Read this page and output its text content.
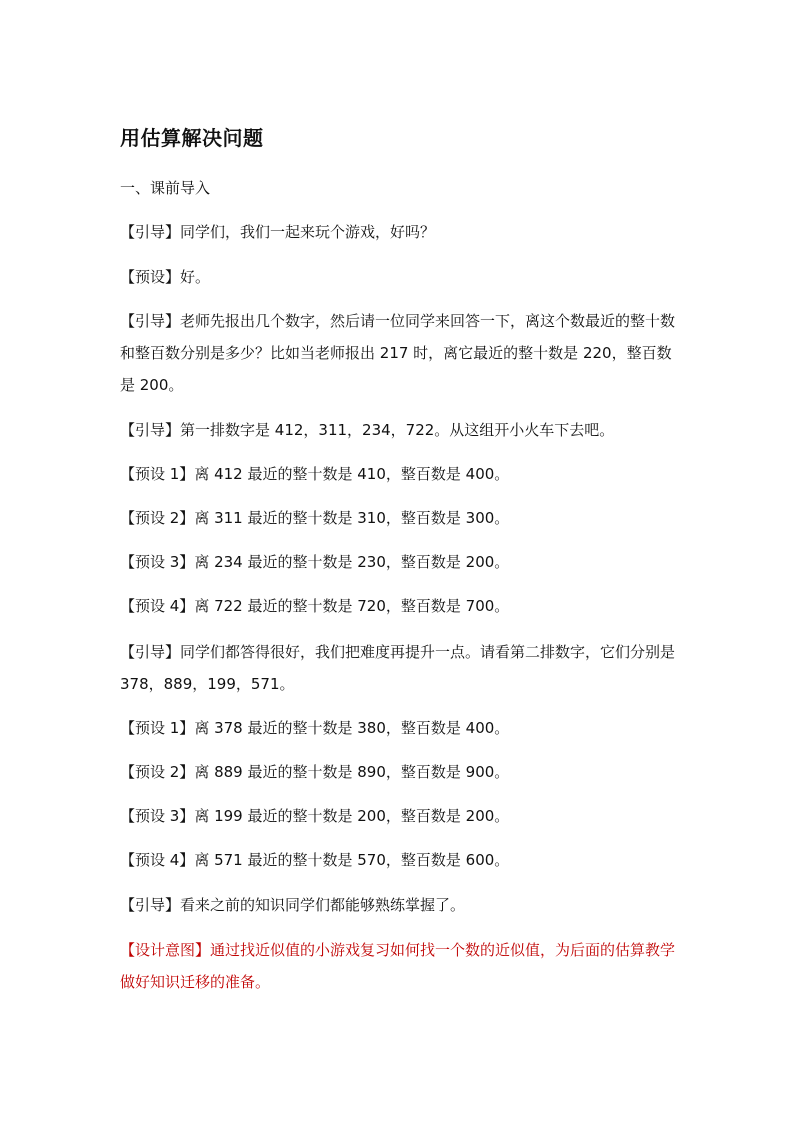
用估算解决问题
一、课前导入
【引导】同学们，我们一起来玩个游戏，好吗？
【预设】好。
【引导】老师先报出几个数字，然后请一位同学来回答一下，离这个数最近的整十数和整百数分别是多少？比如当老师报出 217 时，离它最近的整十数是 220，整百数是 200。
【引导】第一排数字是 412，311，234，722。从这组开小火车下去吧。
【预设 1】离 412 最近的整十数是 410，整百数是 400。
【预设 2】离 311 最近的整十数是 310，整百数是 300。
【预设 3】离 234 最近的整十数是 230，整百数是 200。
【预设 4】离 722 最近的整十数是 720，整百数是 700。
【引导】同学们都答得很好，我们把难度再提升一点。请看第二排数字，它们分别是 378，889，199，571。
【预设 1】离 378 最近的整十数是 380，整百数是 400。
【预设 2】离 889 最近的整十数是 890，整百数是 900。
【预设 3】离 199 最近的整十数是 200，整百数是 200。
【预设 4】离 571 最近的整十数是 570，整百数是 600。
【引导】看来之前的知识同学们都能够熟练掌握了。
【设计意图】通过找近似值的小游戏复习如何找一个数的近似值，为后面的估算教学做好知识迁移的准备。
